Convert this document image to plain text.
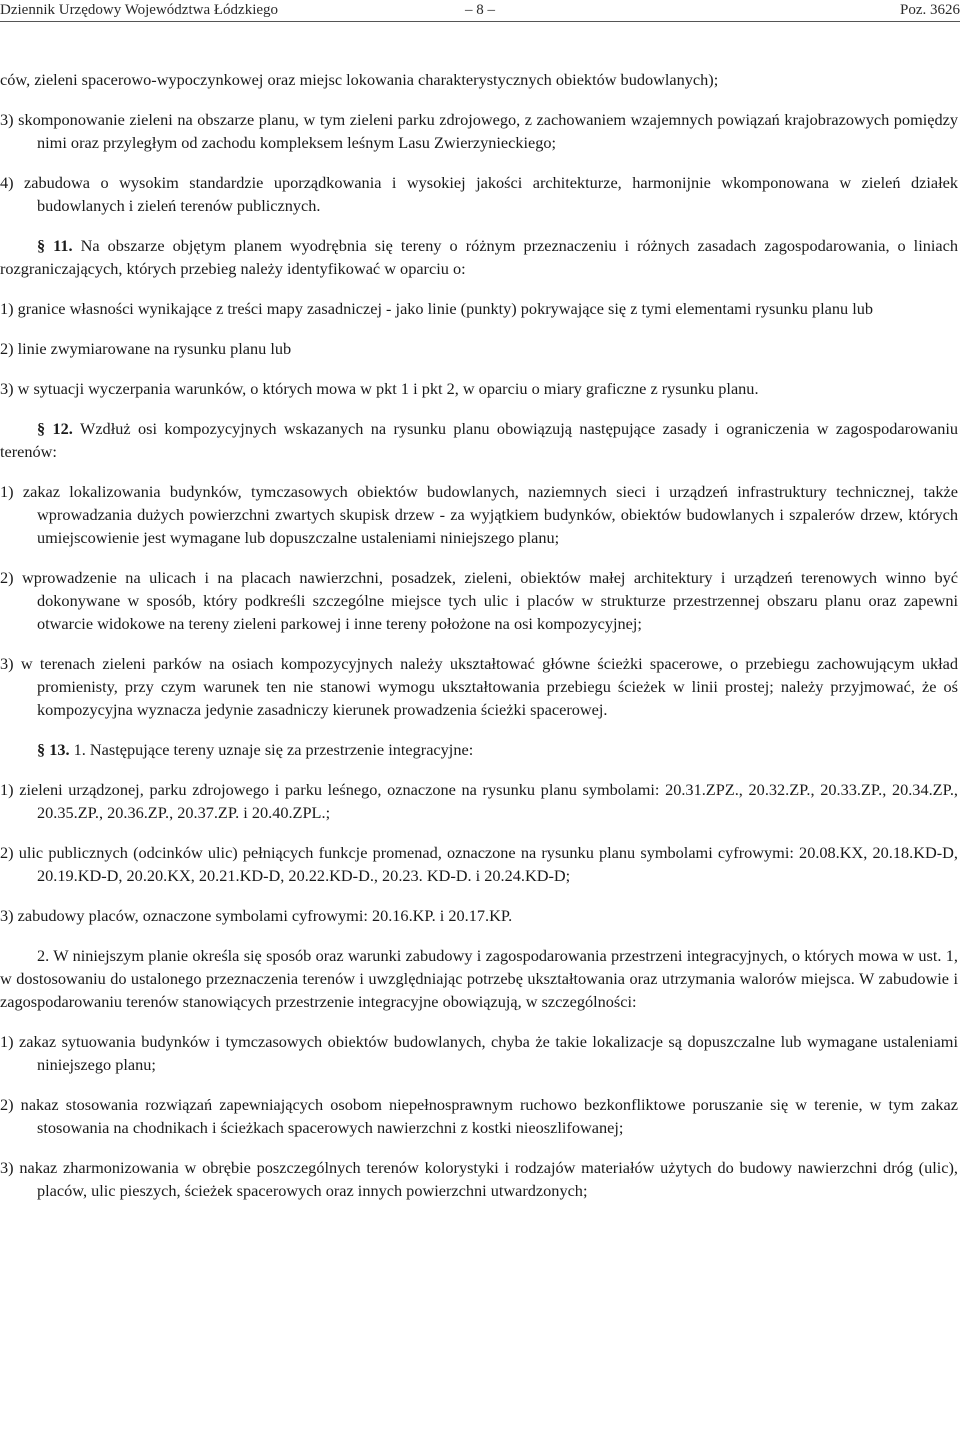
Dziennik Urzędowy Województwa Łódzkiego	– 8 –	Poz. 3626

ców, zieleni spacerowo-wypoczynkowej oraz miejsc lokowania charakterystycznych obiektów budowlanych);

3) skomponowanie zieleni na obszarze planu, w tym zieleni parku zdrojowego, z zachowaniem wzajemnych powiązań krajobrazowych pomiędzy nimi oraz przyległym od zachodu kompleksem leśnym Lasu Zwierzynieckiego;

4) zabudowa o wysokim standardzie uporządkowania i wysokiej jakości architekturze, harmonijnie wkomponowana w zieleń działek budowlanych i zieleń terenów publicznych.

§ 11. Na obszarze objętym planem wyodrębnia się tereny o różnym przeznaczeniu i różnych zasadach zagospodarowania, o liniach rozgraniczających, których przebieg należy identyfikować w oparciu o:

1) granice własności wynikające z treści mapy zasadniczej - jako linie (punkty) pokrywające się z tymi elementami rysunku planu lub

2) linie zwymiarowane na rysunku planu lub

3) w sytuacji wyczerpania warunków, o których mowa w pkt 1 i pkt 2, w oparciu o miary graficzne z rysunku planu.

§ 12. Wzdłuż osi kompozycyjnych wskazanych na rysunku planu obowiązują następujące zasady i ograniczenia w zagospodarowaniu terenów:

1) zakaz lokalizowania budynków, tymczasowych obiektów budowlanych, naziemnych sieci i urządzeń infrastruktury technicznej, także wprowadzania dużych powierzchni zwartych skupisk drzew - za wyjątkiem budynków, obiektów budowlanych i szpalerów drzew, których umiejscowienie jest wymagane lub dopuszczalne ustaleniami niniejszego planu;

2) wprowadzenie na ulicach i na placach nawierzchni, posadzek, zieleni, obiektów małej architektury i urządzeń terenowych winno być dokonywane w sposób, który podkreśli szczególne miejsce tych ulic i placów w strukturze przestrzennej obszaru planu oraz zapewni otwarcie widokowe na tereny zieleni parkowej i inne tereny położone na osi kompozycyjnej;

3) w terenach zieleni parków na osiach kompozycyjnych należy ukształtować główne ścieżki spacerowe, o przebiegu zachowującym układ promienisty, przy czym warunek ten nie stanowi wymogu ukształtowania przebiegu ścieżek w linii prostej; należy przyjmować, że oś kompozycyjna wyznacza jedynie zasadniczy kierunek prowadzenia ścieżki spacerowej.

§ 13. 1. Następujące tereny uznaje się za przestrzenie integracyjne:

1) zieleni urządzonej, parku zdrojowego i parku leśnego, oznaczone na rysunku planu symbolami: 20.31.ZPZ., 20.32.ZP., 20.33.ZP., 20.34.ZP., 20.35.ZP., 20.36.ZP., 20.37.ZP. i 20.40.ZPL.;

2) ulic publicznych (odcinków ulic) pełniących funkcje promenad, oznaczone na rysunku planu symbolami cyfrowymi: 20.08.KX, 20.18.KD-D, 20.19.KD-D, 20.20.KX, 20.21.KD-D, 20.22.KD-D., 20.23. KD-D. i 20.24.KD-D;

3) zabudowy placów, oznaczone symbolami cyfrowymi: 20.16.KP. i 20.17.KP.

2. W niniejszym planie określa się sposób oraz warunki zabudowy i zagospodarowania przestrzeni integracyjnych, o których mowa w ust. 1, w dostosowaniu do ustalonego przeznaczenia terenów i uwzględniając potrzebę ukształtowania oraz utrzymania walorów miejsca. W zabudowie i zagospodarowaniu terenów stanowiących przestrzenie integracyjne obowiązują, w szczególności:

1) zakaz sytuowania budynków i tymczasowych obiektów budowlanych, chyba że takie lokalizacje są dopuszczalne lub wymagane ustaleniami niniejszego planu;

2) nakaz stosowania rozwiązań zapewniających osobom niepełnosprawnym ruchowo bezkonfliktowe poruszanie się w terenie, w tym zakaz stosowania na chodnikach i ścieżkach spacerowych nawierzchni z kostki nieoszlifowanej;

3) nakaz zharmonizowania w obrębie poszczególnych terenów kolorystyki i rodzajów materiałów użytych do budowy nawierzchni dróg (ulic), placów, ulic pieszych, ścieżek spacerowych oraz innych powierzchni utwardzonych;
